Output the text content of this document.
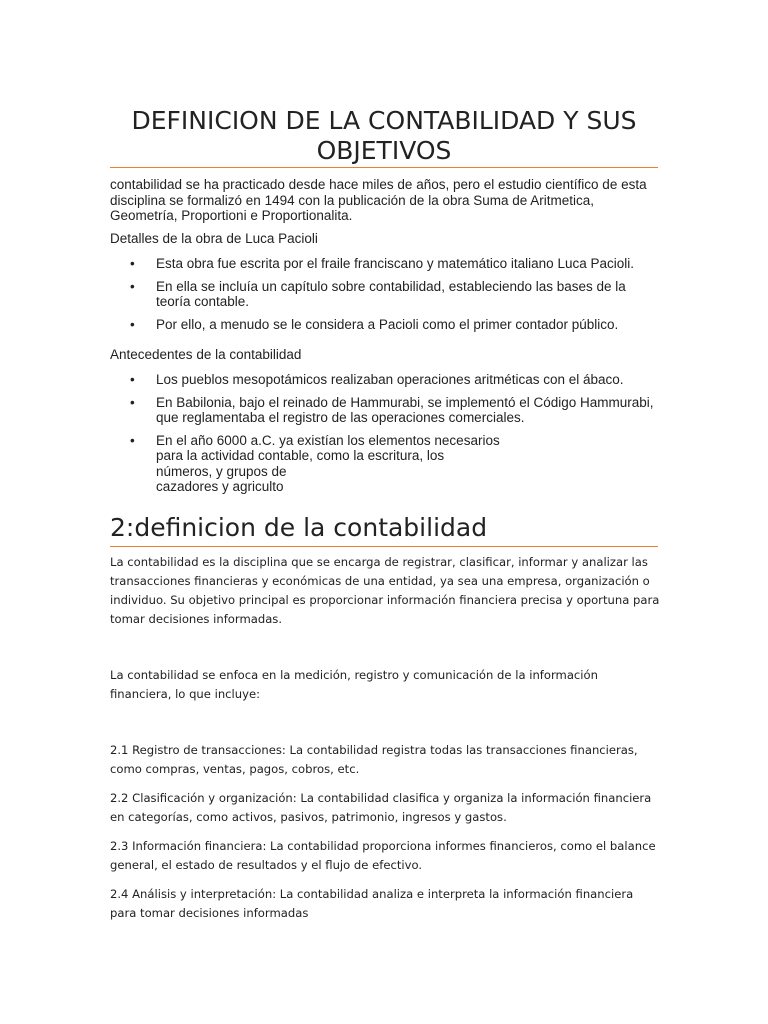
DEFINICION DE LA CONTABILIDAD Y SUS OBJETIVOS

contabilidad se ha practicado desde hace miles de años, pero el estudio científico de esta disciplina se formalizó en 1494 con la publicación de la obra Suma de Aritmetica, Geometría, Proportioni e Proportionalita.

Detalles de la obra de Luca Pacioli

• Esta obra fue escrita por el fraile franciscano y matemático italiano Luca Pacioli.
• En ella se incluía un capítulo sobre contabilidad, estableciendo las bases de la teoría contable.
• Por ello, a menudo se le considera a Pacioli como el primer contador público.

Antecedentes de la contabilidad

• Los pueblos mesopotámicos realizaban operaciones aritméticas con el ábaco.
• En Babilonia, bajo el reinado de Hammurabi, se implementó el Código Hammurabi, que reglamentaba el registro de las operaciones comerciales.
• En el año 6000 a.C. ya existían los elementos necesarios para la actividad contable, como la escritura, los números, y grupos de
cazadores y agriculto
2:definicion de la contabilidad

La contabilidad es la disciplina que se encarga de registrar, clasificar, informar y analizar las transacciones financieras y económicas de una entidad, ya sea una empresa, organización o individuo. Su objetivo principal es proporcionar información financiera precisa y oportuna para tomar decisiones informadas.

La contabilidad se enfoca en la medición, registro y comunicación de la información financiera, lo que incluye:

2.1 Registro de transacciones: La contabilidad registra todas las transacciones financieras, como compras, ventas, pagos, cobros, etc.

2.2 Clasificación y organización: La contabilidad clasifica y organiza la información financiera en categorías, como activos, pasivos, patrimonio, ingresos y gastos.

2.3 Información financiera: La contabilidad proporciona informes financieros, como el balance general, el estado de resultados y el flujo de efectivo.

2.4 Análisis y interpretación: La contabilidad analiza e interpreta la información financiera para tomar decisiones informadas
